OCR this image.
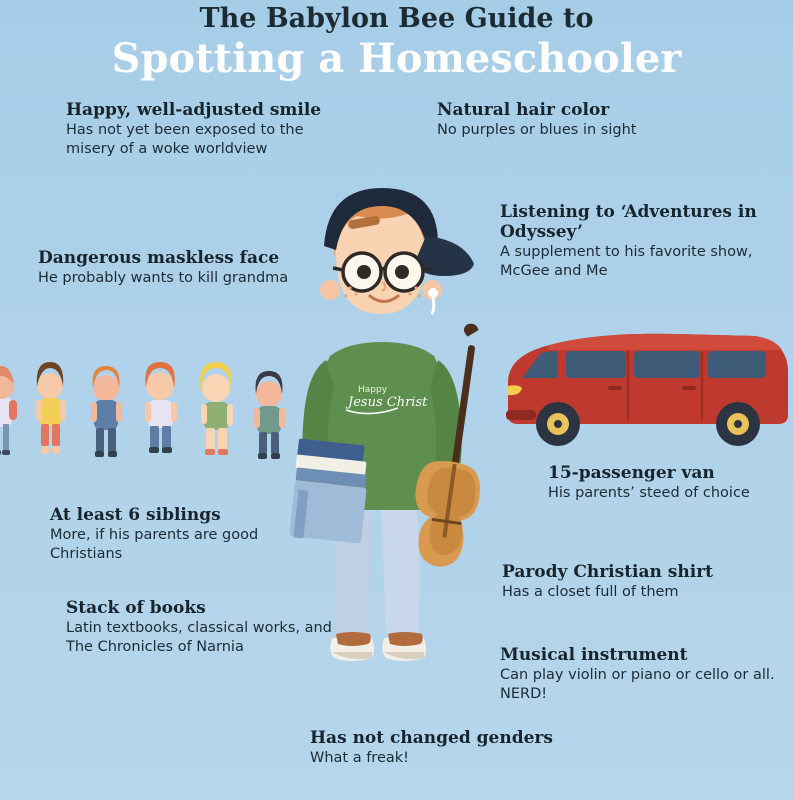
Happy
Jesus Christ
The Babylon Bee Guide to
Spotting a Homeschooler
Happy, well-adjusted smile
Has not yet been exposed to the misery of a woke worldview
Natural hair color
No purples or blues in sight
Dangerous maskless face
He probably wants to kill grandma
Listening to ‘Adventures in Odyssey’
A supplement to his favorite show, McGee and Me
15-passenger van
His parents’ steed of choice
At least 6 siblings
More, if his parents are good Christians
Parody Christian shirt
Has a closet full of them
Stack of books
Latin textbooks, classical works, and The Chronicles of Narnia	Musical instrument
Can play violin or piano or cello or all. NERD!
Has not changed genders
What a freak!
